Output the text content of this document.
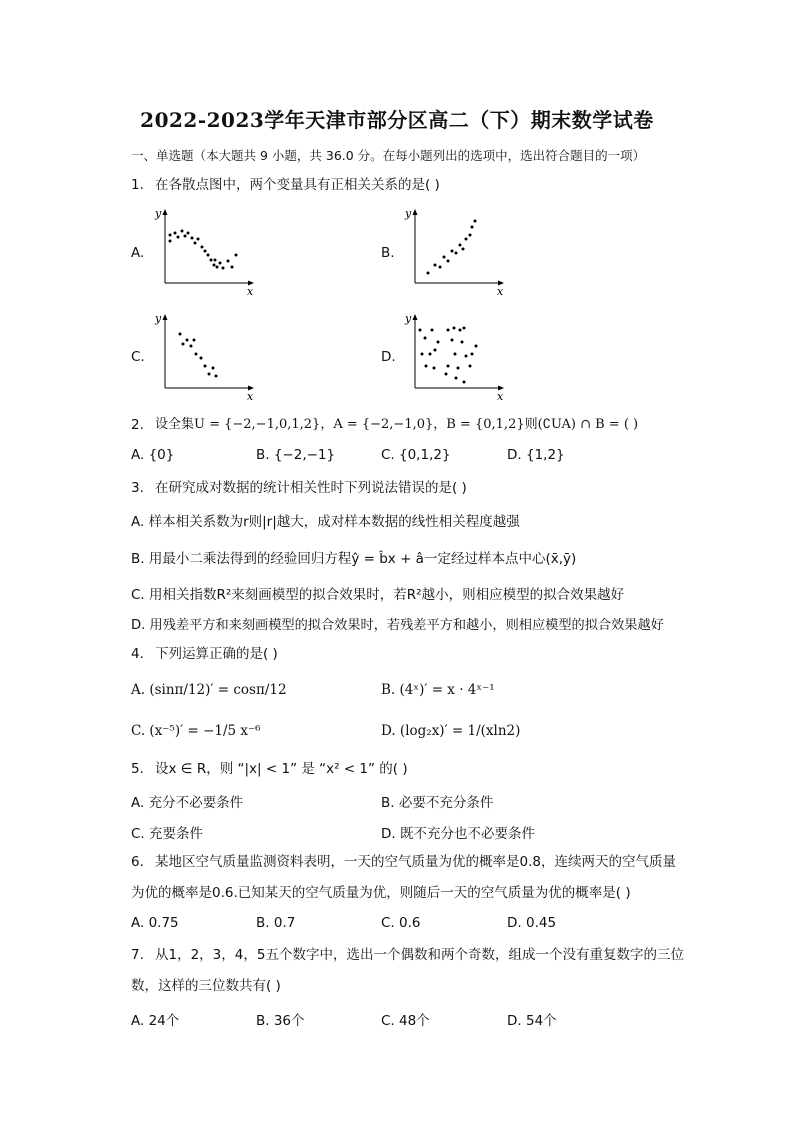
2022-2023学年天津市部分区高二（下）期末数学试卷
一、单选题（本大题共 9 小题，共 36.0 分。在每小题列出的选项中，选出符合题目的一项）
1. 在各散点图中，两个变量具有正相关关系的是( )
A.
y
x
B.
y
x
C.
y
x
D.
y
x
2. 设全集U = {−2,−1,0,1,2}，A = {−2,−1,0}，B = {0,1,2}则(∁UA) ∩ B = ( )
A. {0}	B. {−2,−1}	C. {0,1,2}	D. {1,2}
3. 在研究成对数据的统计相关性时下列说法错误的是( )
A. 样本相关系数为r则|r|越大，成对样本数据的线性相关程度越强
B. 用最小二乘法得到的经验回归方程ŷ = b̂x + â一定经过样本点中心(x̄,ȳ)
C. 用相关指数R²来刻画模型的拟合效果时，若R²越小，则相应模型的拟合效果越好
D. 用残差平方和来刻画模型的拟合效果时，若残差平方和越小，则相应模型的拟合效果越好
4. 下列运算正确的是( )
A. (sinπ/12)′ = cosπ/12	B. (4ˣ)′ = x · 4ˣ⁻¹
C. (x⁻⁵)′ = −1/5 x⁻⁶	D. (log₂x)′ = 1/(xln2)
5. 设x ∈ R，则 “|x| < 1” 是 “x² < 1” 的( )
A. 充分不必要条件	B. 必要不充分条件
C. 充要条件	D. 既不充分也不必要条件
6. 某地区空气质量监测资料表明，一天的空气质量为优的概率是0.8，连续两天的空气质量
为优的概率是0.6.已知某天的空气质量为优，则随后一天的空气质量为优的概率是( )
A. 0.75	B. 0.7	C. 0.6	D. 0.45
7. 从1，2，3，4，5五个数字中，选出一个偶数和两个奇数，组成一个没有重复数字的三位
数，这样的三位数共有( )
A. 24个	B. 36个	C. 48个	D. 54个
